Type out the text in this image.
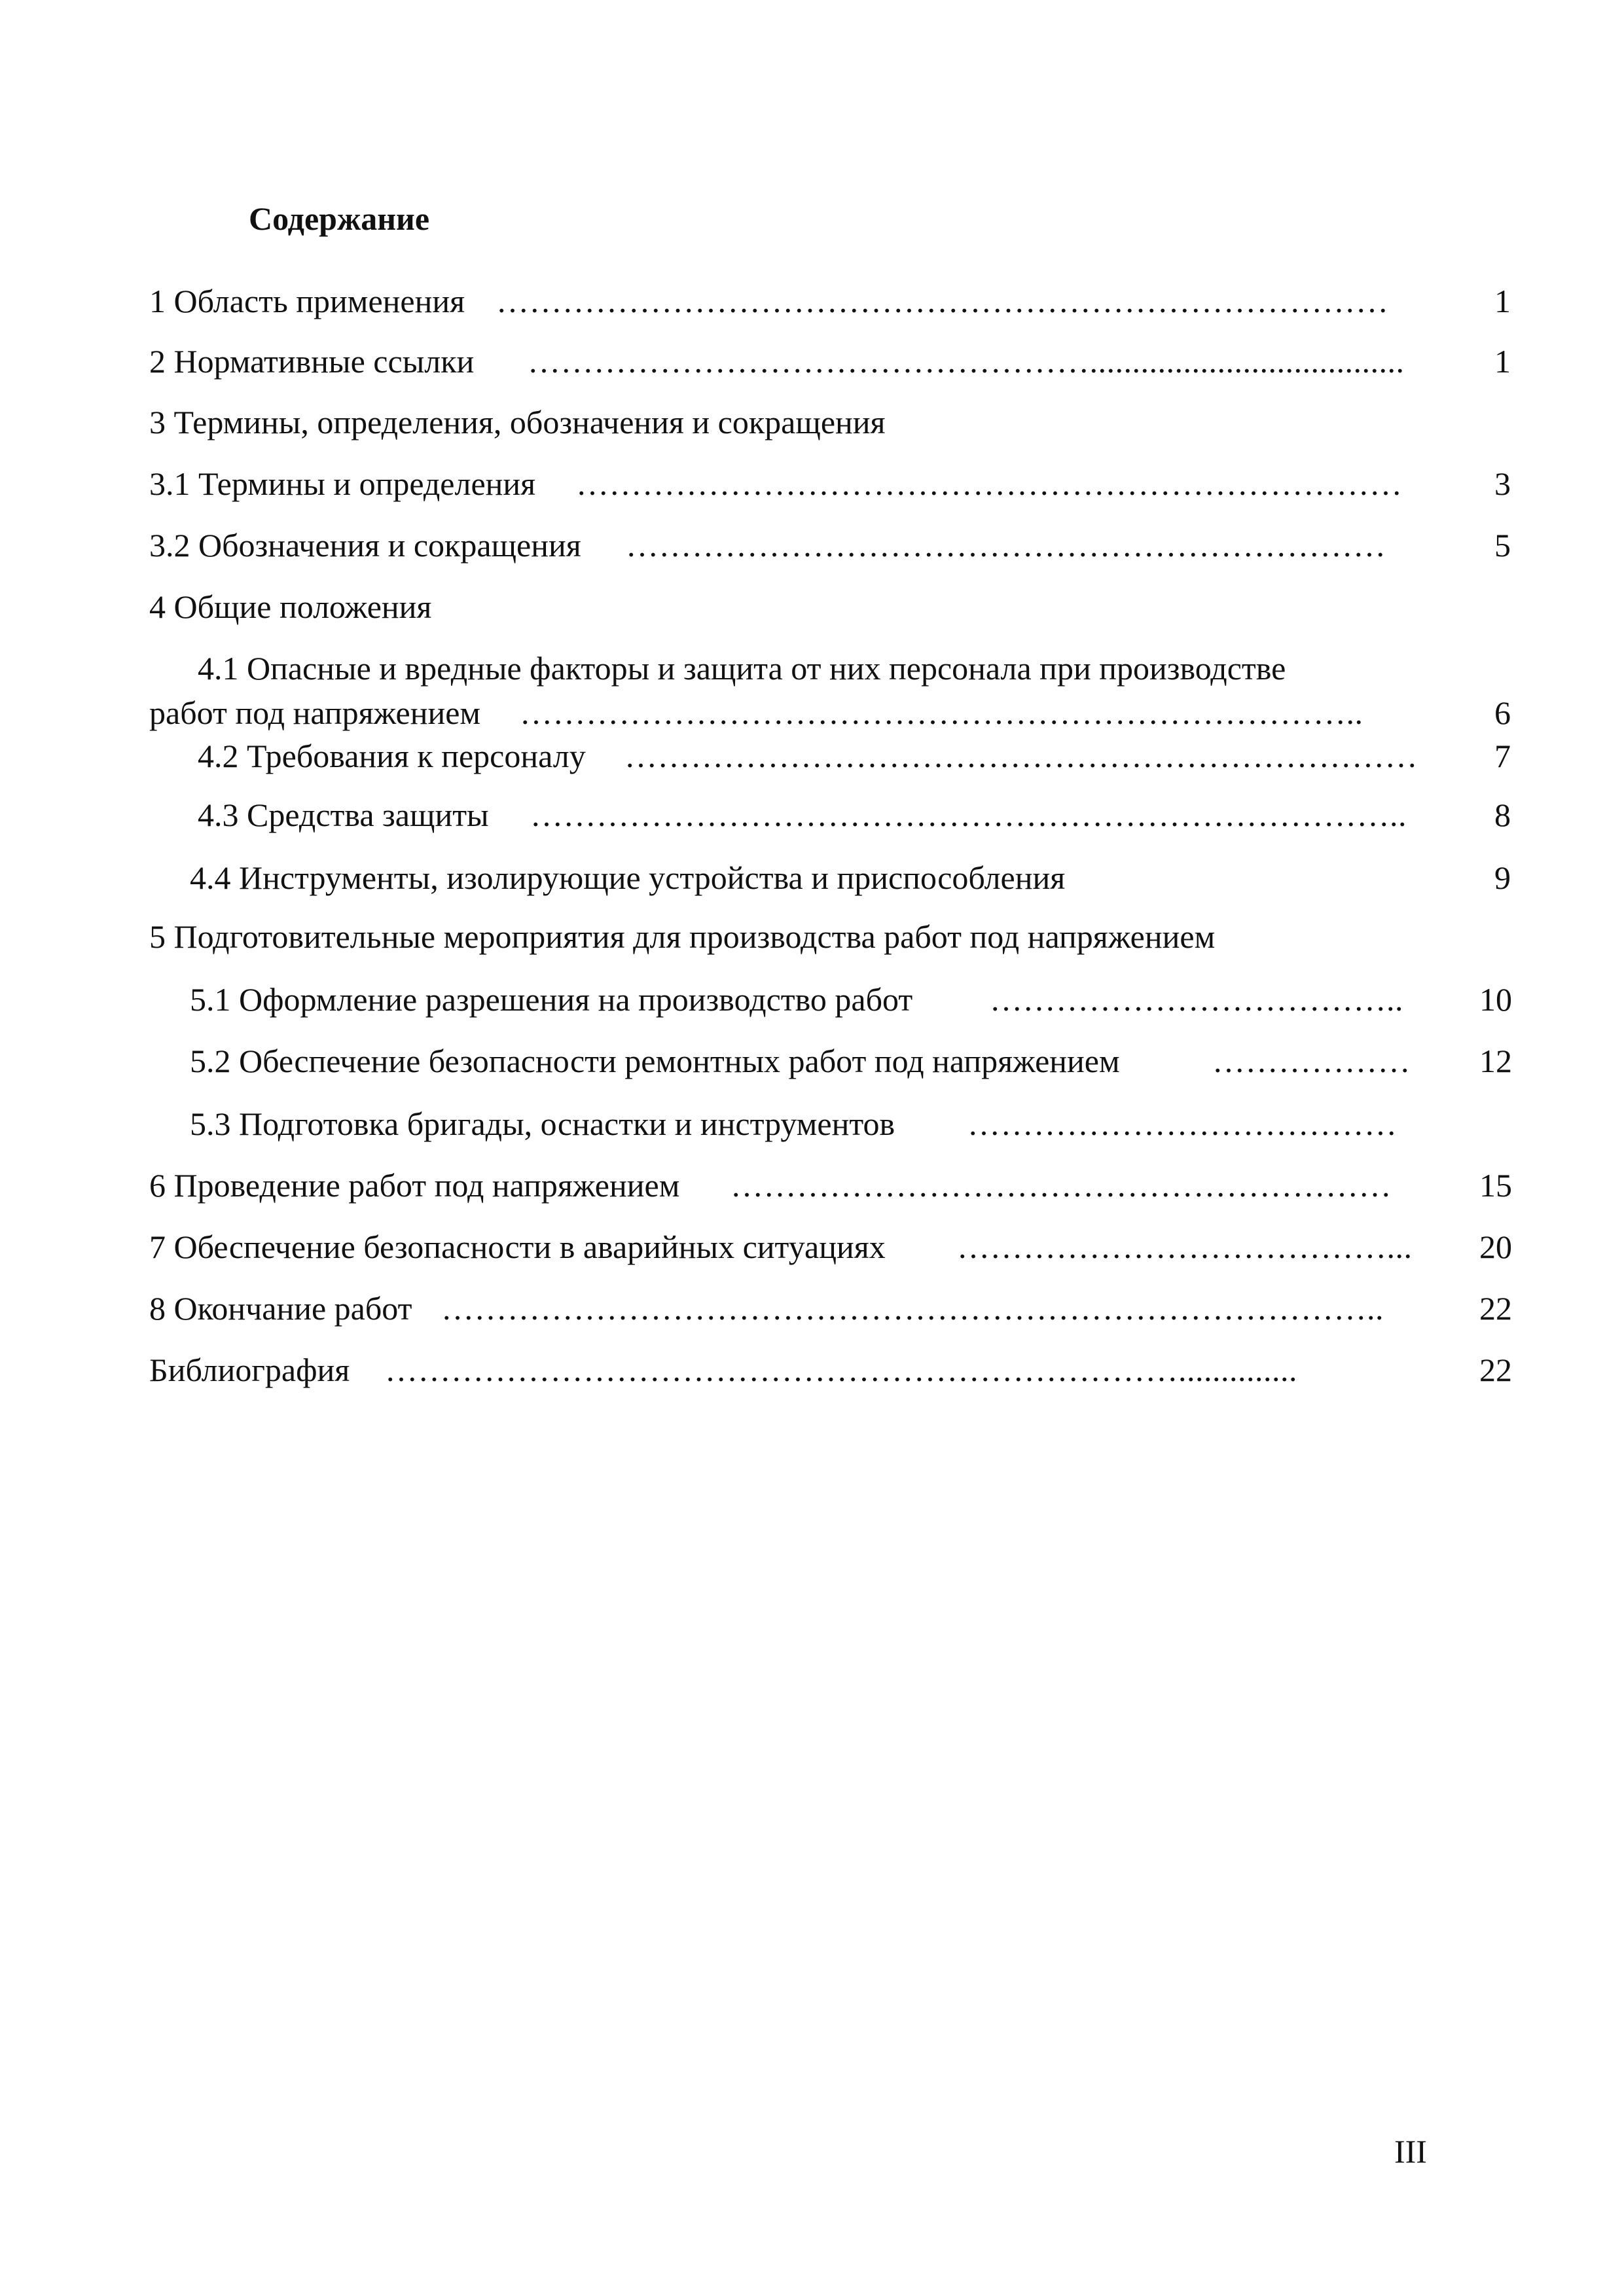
Содержание
1 Область применения ………………………………………………………………………	1
2 Нормативные ссылки …………………………………………….....................................	1
3 Термины, определения, обозначения и сокращения
3.1 Термины и определения …………………………………………………………………	3
3.2 Обозначения и сокращения ……………………………………………………………	5
4 Общие положения
4.1 Опасные и вредные факторы и защита от них персонала при производстве
работ под напряжением …………………………………………………………………..	6
4.2 Требования к персоналу ………………………………………………………………	7
4.3 Средства защиты ……………………………………………………………………..	8
4.4 Инструменты, изолирующие устройства и приспособления	9
5 Подготовительные мероприятия для производства работ под напряжением
5.1 Оформление разрешения на производство работ ………………………………..	10
5.2 Обеспечение безопасности ремонтных работ под напряжением	………………	12
5.3 Подготовка бригады, оснастки и инструментов …………………………………
6 Проведение работ под напряжением ……………………………………………………	15
7 Обеспечение безопасности в аварийных ситуациях …………………………………...	20
8 Окончание работ …………………………………………………………………………..	22
Библиография ………………………………………………………………..............	22
III
